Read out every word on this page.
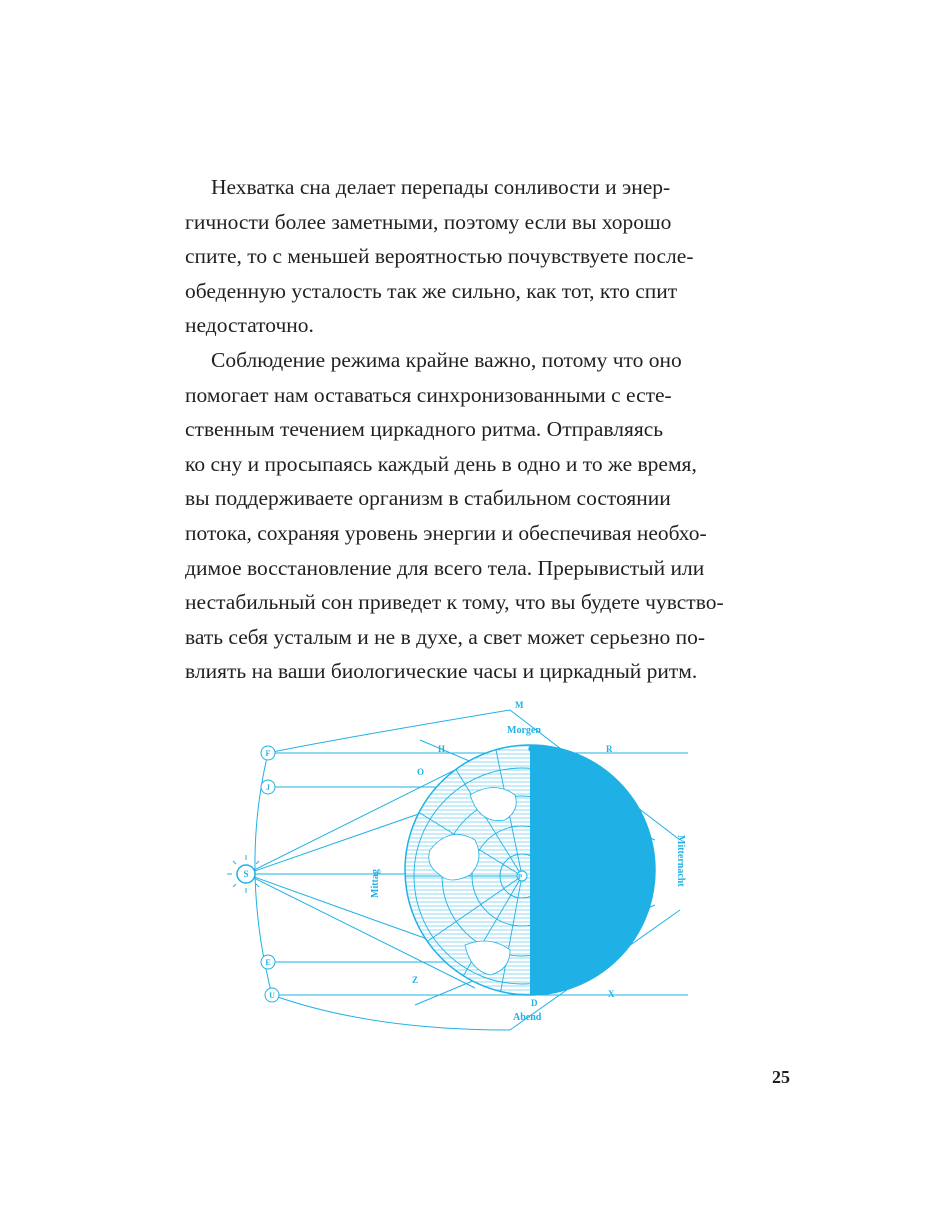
Нехватка сна делает перепады сонливости и энер-
гичности более заметными, поэтому если вы хорошо
спите, то с меньшей вероятностью почувствуете после-
обеденную усталость так же сильно, как тот, кто спит
недостаточно.
Соблюдение режима крайне важно, потому что оно
помогает нам оставаться синхронизованными с есте-
ственным течением циркадного ритма. Отправляясь
ко сну и просыпаясь каждый день в одно и то же время,
вы поддерживаете организм в стабильном состоянии
потока, сохраняя уровень энергии и обеспечивая необхо-
димое восстановление для всего тела. Прерывистый или
нестабильный сон приведет к тому, что вы будете чувство-
вать себя усталым и не в духе, а свет может серьезно по-
влиять на ваши биологические часы и циркадный ритм.
S
F
J
E
U
M
Morgen
H	G	R
O
D
Abend
Z
X
P
Mittag	Mitternacht
25
